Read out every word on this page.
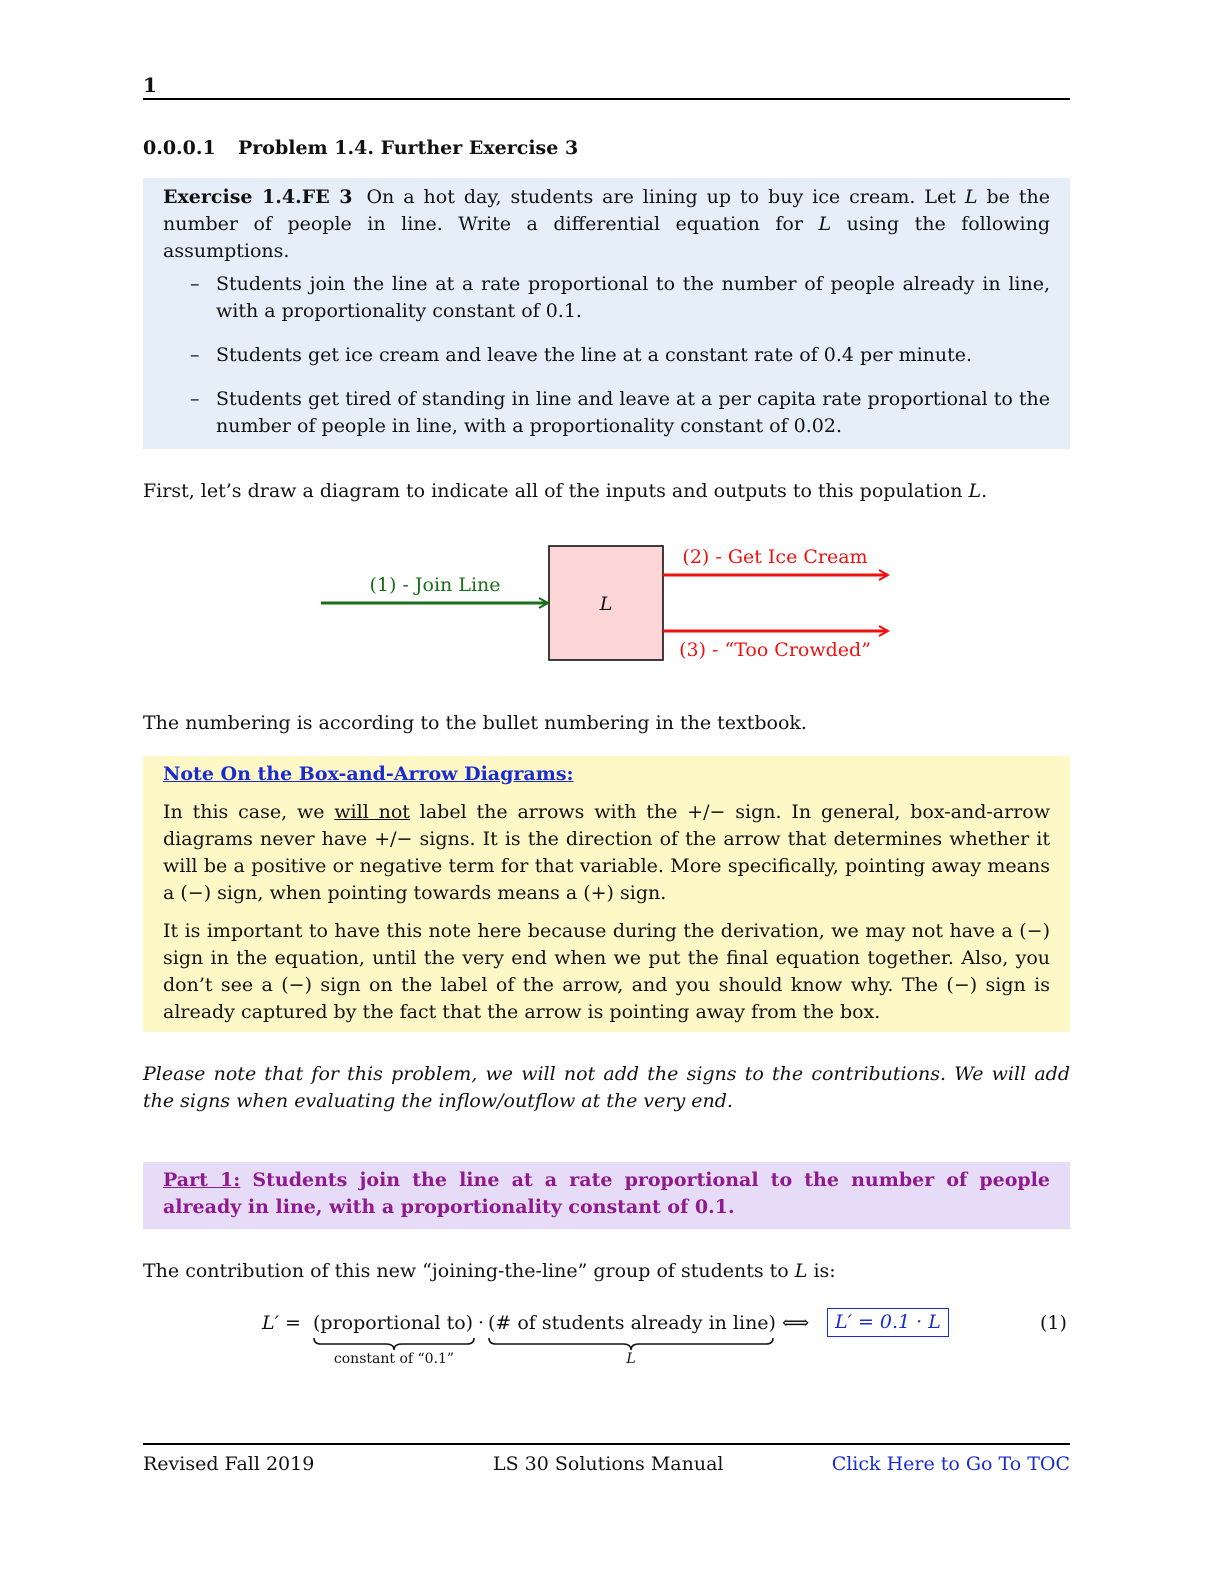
1
0.0.0.1 Problem 1.4. Further Exercise 3
Exercise 1.4.FE 3 On a hot day, students are lining up to buy ice cream. Let L be the number of people in line. Write a differential equation for L using the following assumptions.
– Students join the line at a rate proportional to the number of people already in line, with a proportionality constant of 0.1.
– Students get ice cream and leave the line at a constant rate of 0.4 per minute.
– Students get tired of standing in line and leave at a per capita rate proportional to the number of people in line, with a proportionality constant of 0.02.
First, let’s draw a diagram to indicate all of the inputs and outputs to this population L.
L
(1) - Join Line
(2) - Get Ice Cream
(3) - “Too Crowded”
The numbering is according to the bullet numbering in the textbook.
Note On the Box-and-Arrow Diagrams:
In this case, we will not label the arrows with the +/− sign. In general, box-and-arrow diagrams never have +/− signs. It is the direction of the arrow that determines whether it will be a positive or negative term for that variable. More specifically, pointing away means a (−) sign, when pointing towards means a (+) sign.
It is important to have this note here because during the derivation, we may not have a (−) sign in the equation, until the very end when we put the final equation together. Also, you don’t see a (−) sign on the label of the arrow, and you should know why. The (−) sign is already captured by the fact that the arrow is pointing away from the box.
Please note that for this problem, we will not add the signs to the contributions. We will add the signs when evaluating the inflow/outflow at the very end.
Part 1: Students join the line at a rate proportional to the number of people already in line, with a proportionality constant of 0.1.
The contribution of this new “joining-the-line” group of students to L is:
L′ = (proportional to)
constant of “0.1”
· (# of students already in line)
L
⟺	L′ = 0.1 · L	(1)
Revised Fall 2019	LS 30 Solutions Manual	Click Here to Go To TOC
